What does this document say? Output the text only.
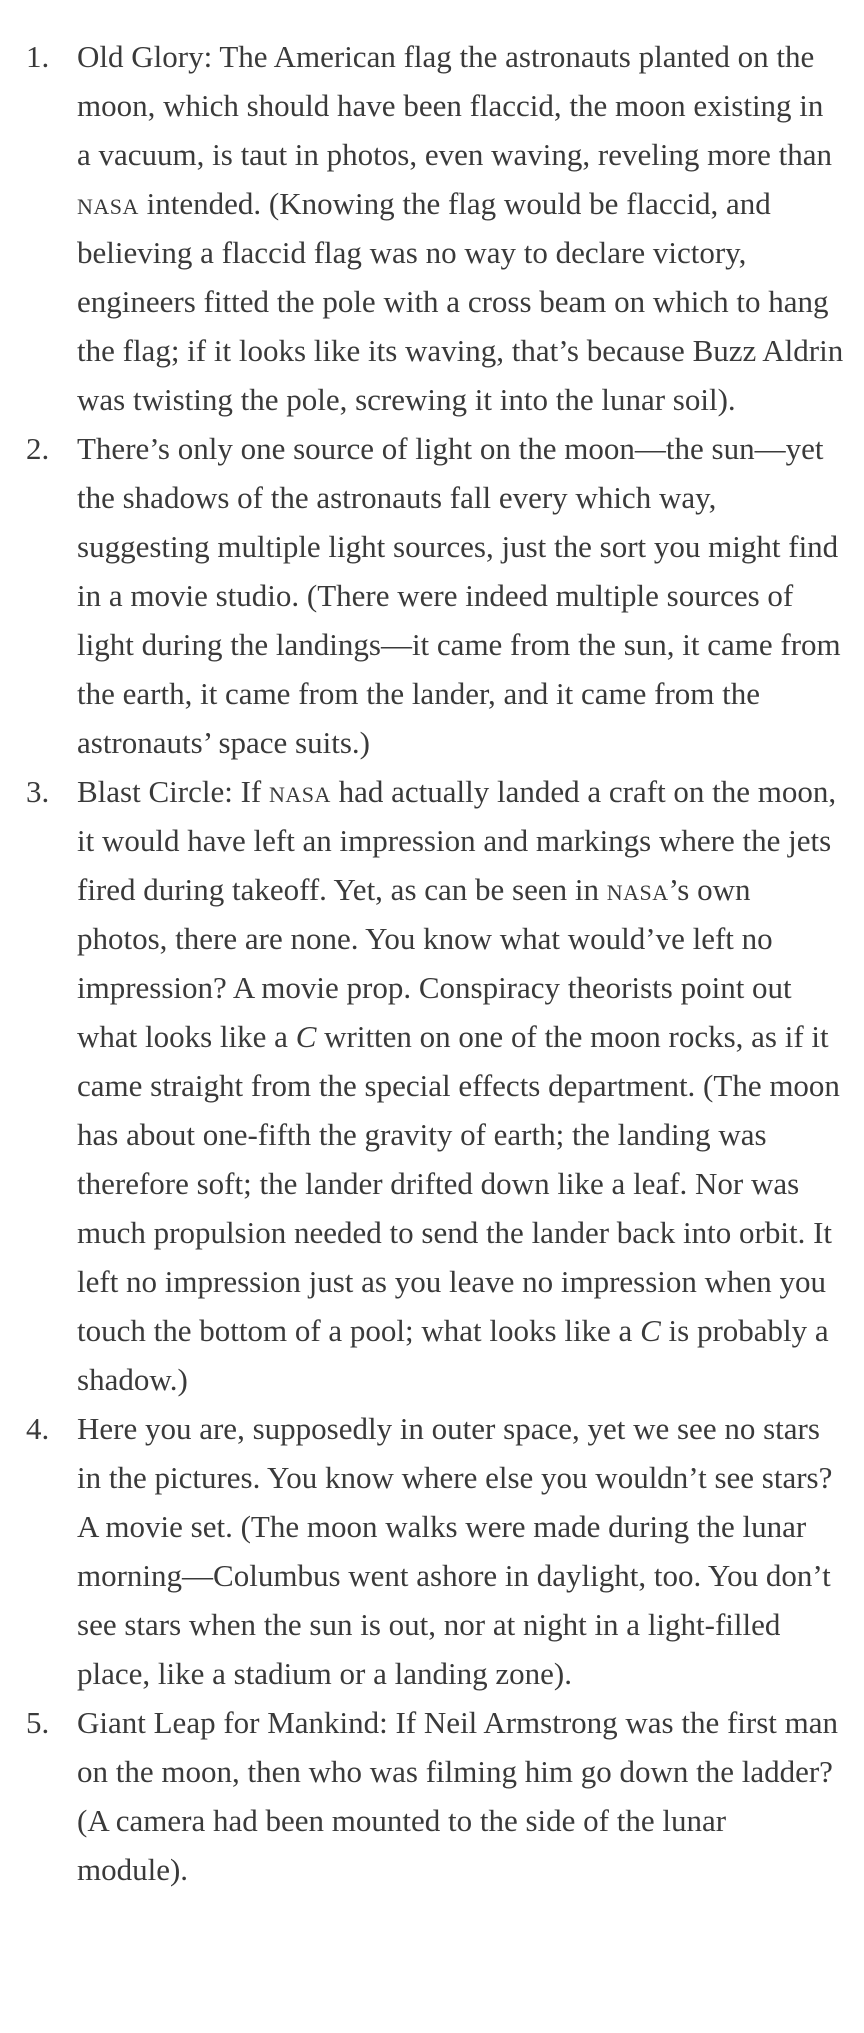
1. Old Glory: The American flag the astronauts planted on the moon, which should have been flaccid, the moon existing in a vacuum, is taut in photos, even waving, reveling more than nasa intended. (Knowing the flag would be flaccid, and believing a flaccid flag was no way to declare victory, engineers fitted the pole with a cross beam on which to hang the flag; if it looks like its waving, that’s because Buzz Aldrin was twisting the pole, screwing it into the lunar soil).
2. There’s only one source of light on the moon—the sun—yet the shadows of the astronauts fall every which way, suggesting multiple light sources, just the sort you might find in a movie studio. (There were indeed multiple sources of light during the landings—it came from the sun, it came from the earth, it came from the lander, and it came from the astronauts’ space suits.)
3. Blast Circle: If nasa had actually landed a craft on the moon, it would have left an impression and markings where the jets fired during takeoff. Yet, as can be seen in nasa’s own photos, there are none. You know what would’ve left no impression? A movie prop. Conspiracy theorists point out what looks like a C written on one of the moon rocks, as if it came straight from the special effects department. (The moon has about one-fifth the gravity of earth; the landing was therefore soft; the lander drifted down like a leaf. Nor was much propulsion needed to send the lander back into orbit. It left no impression just as you leave no impression when you touch the bottom of a pool; what looks like a C is probably a shadow.)
4. Here you are, supposedly in outer space, yet we see no stars in the pictures. You know where else you wouldn’t see stars? A movie set. (The moon walks were made during the lunar morning—Columbus went ashore in daylight, too. You don’t see stars when the sun is out, nor at night in a light-filled place, like a stadium or a landing zone).
5. Giant Leap for Mankind: If Neil Armstrong was the first man on the moon, then who was filming him go down the ladder? (A camera had been mounted to the side of the lunar module).
